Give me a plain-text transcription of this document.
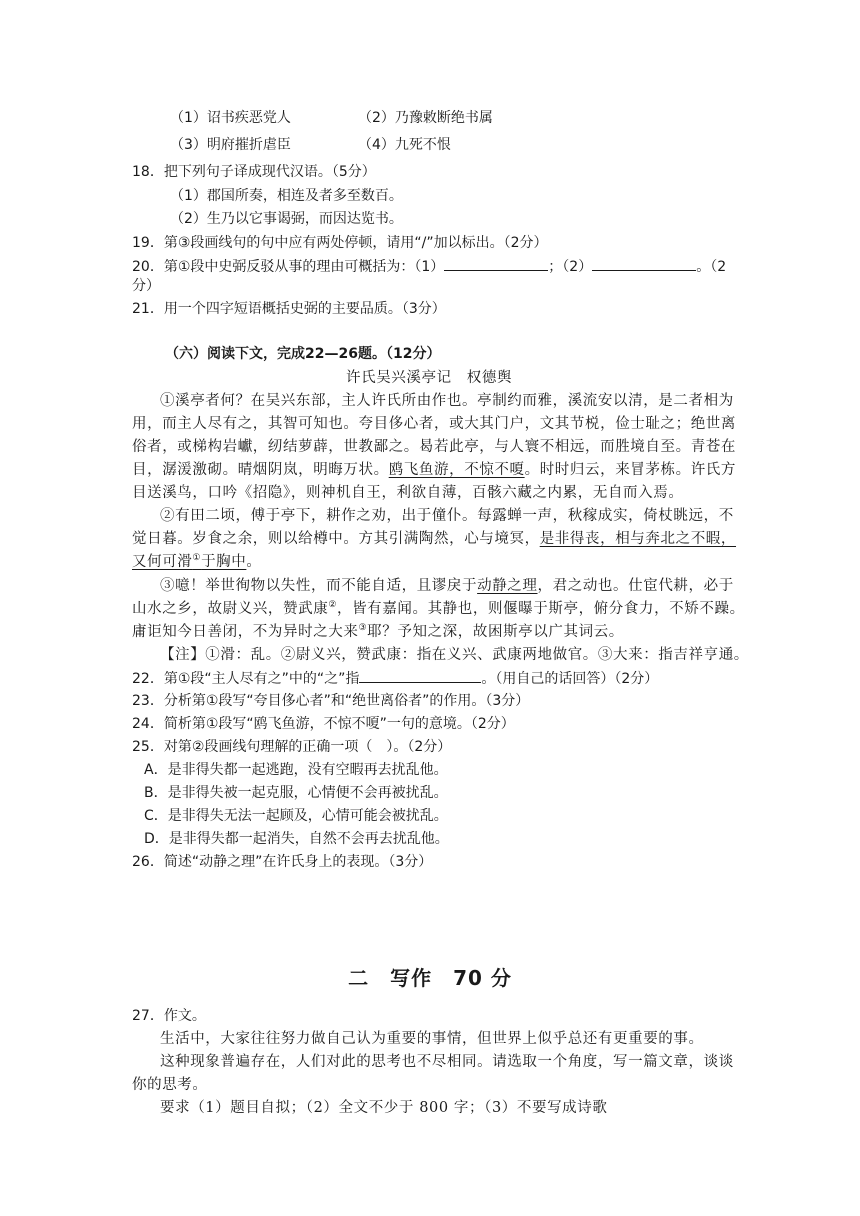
（1）诏书疾恶党人	（2）乃豫敕断绝书属
（3）明府摧折虐臣	（4）九死不恨
18．把下列句子译成现代汉语。（5分）
（1）郡国所奏，相连及者多至数百。
（2）生乃以它事谒弼，而因达览书。
19．第③段画线句的句中应有两处停顿，请用“/”加以标出。（2分）
20．第①段中史弼反驳从事的理由可概括为：（1）	；（2）	。（2
分）
21．用一个四字短语概括史弼的主要品质。（3分）
（六）阅读下文，完成22—26题。（12分）
许氏吴兴溪亭记　权德舆
①溪亭者何？在吴兴东部，主人许氏所由作也。亭制约而雅，溪流安以清，是二者相为
用，而主人尽有之，其智可知也。夸目侈心者，或大其门户，文其节棁，俭士耻之；绝世离
俗者，或梯构岩巘，纫结萝薜，世教鄙之。曷若此亭，与人寰不相远，而胜境自至。青苍在
目，潺湲激砌。晴烟阴岚，明晦万状。鸥飞鱼游，不惊不嗄。时时归云，来冒茅栋。许氏方
目送溪鸟，口吟《招隐》，则神机自王，利欲自薄，百骸六藏之内累，无自而入焉。
②有田二顷，傅于亭下，耕作之劝，出于僮仆。每露蝉一声，秋稼成实，倚杖眺远，不
觉日暮。岁食之余，则以给樽中。方其引满陶然，心与境冥，是非得丧，相与奔北之不暇，
又何可滑①于胸中。
③噫！举世徇物以失性，而不能自适，且谬戾于动静之理，君之动也。仕宦代耕，必于
山水之乡，故尉义兴，赞武康②，皆有嘉闻。其静也，则偃曝于斯亭，俯分食力，不矫不躁。
庸讵知今日善闭，不为异时之大来③耶？予知之深，故困斯亭以广其词云。
【注】①滑：乱。②尉义兴，赞武康：指在义兴、武康两地做官。③大来：指吉祥亨通。
22．第①段“主人尽有之”中的“之”指	。（用自己的话回答）（2分）
23．分析第①段写“夸目侈心者”和“绝世离俗者”的作用。（3分）
24．简析第①段写“鸥飞鱼游，不惊不嗄”一句的意境。（2分）
25．对第②段画线句理解的正确一项（　）。（2分）
A．是非得失都一起逃跑，没有空暇再去扰乱他。
B．是非得失被一起克服，心情便不会再被扰乱。
C．是非得失无法一起顾及，心情可能会被扰乱。
D．是非得失都一起消失，自然不会再去扰乱他。
26．简述“动静之理”在许氏身上的表现。（3分）
二　写作　70 分
27．作文。
生活中，大家往往努力做自己认为重要的事情，但世界上似乎总还有更重要的事。
这种现象普遍存在，人们对此的思考也不尽相同。请选取一个角度，写一篇文章，谈谈
你的思考。
要求（1）题目自拟；（2）全文不少于 800 字；（3）不要写成诗歌
